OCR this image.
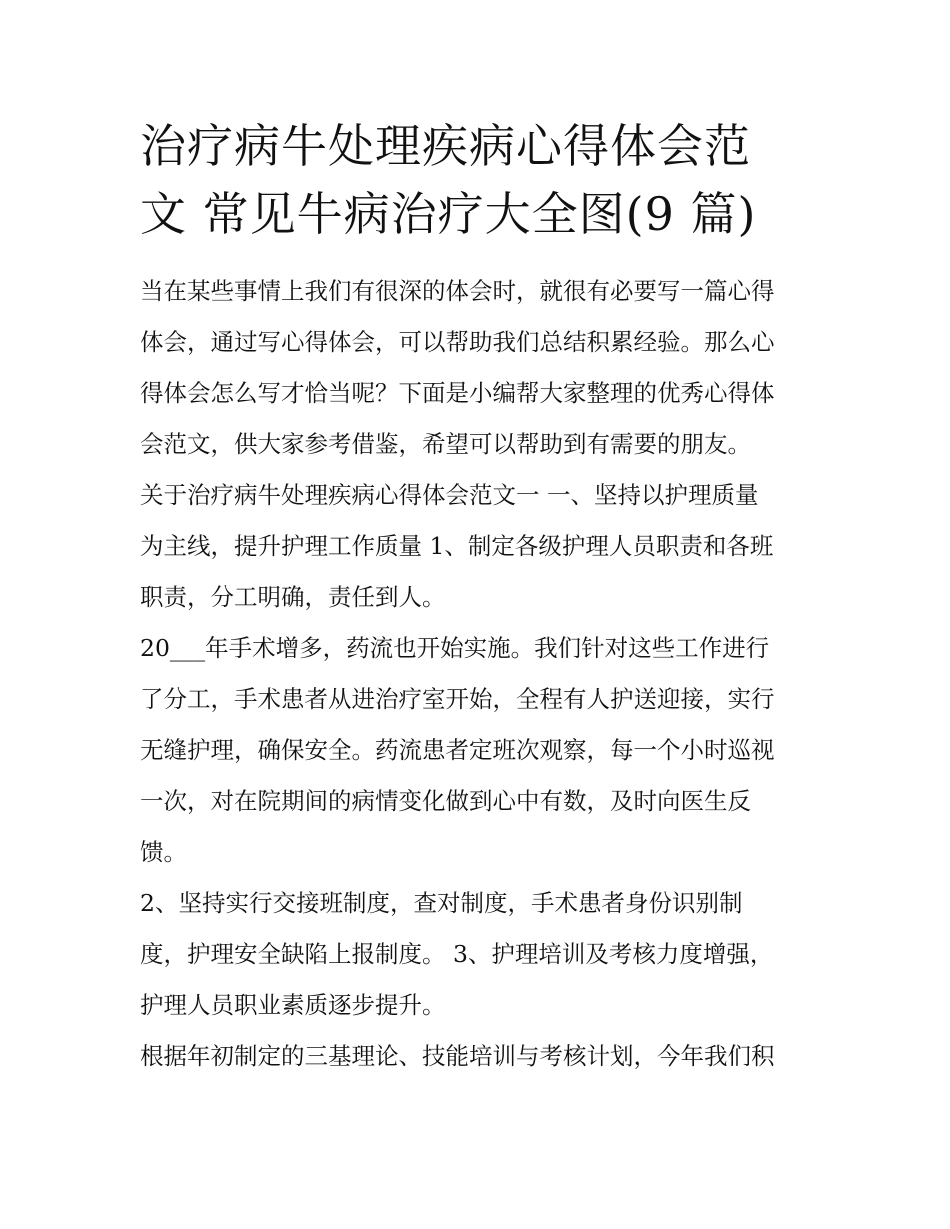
治疗病牛处理疾病心得体会范
文 常见牛病治疗大全图(9 篇)
当在某些事情上我们有很深的体会时，就很有必要写一篇心得
体会，通过写心得体会，可以帮助我们总结积累经验。那么心
得体会怎么写才恰当呢？下面是小编帮大家整理的优秀心得体
会范文，供大家参考借鉴，希望可以帮助到有需要的朋友。
关于治疗病牛处理疾病心得体会范文一 一、坚持以护理质量
为主线，提升护理工作质量 1、制定各级护理人员职责和各班
职责，分工明确，责任到人。
20___年手术增多，药流也开始实施。我们针对这些工作进行
了分工，手术患者从进治疗室开始，全程有人护送迎接，实行
无缝护理，确保安全。药流患者定班次观察，每一个小时巡视
一次，对在院期间的病情变化做到心中有数，及时向医生反
馈。
2、坚持实行交接班制度，查对制度，手术患者身份识别制
度，护理安全缺陷上报制度。 3、护理培训及考核力度增强，
护理人员职业素质逐步提升。
根据年初制定的三基理论、技能培训与考核计划，今年我们积
